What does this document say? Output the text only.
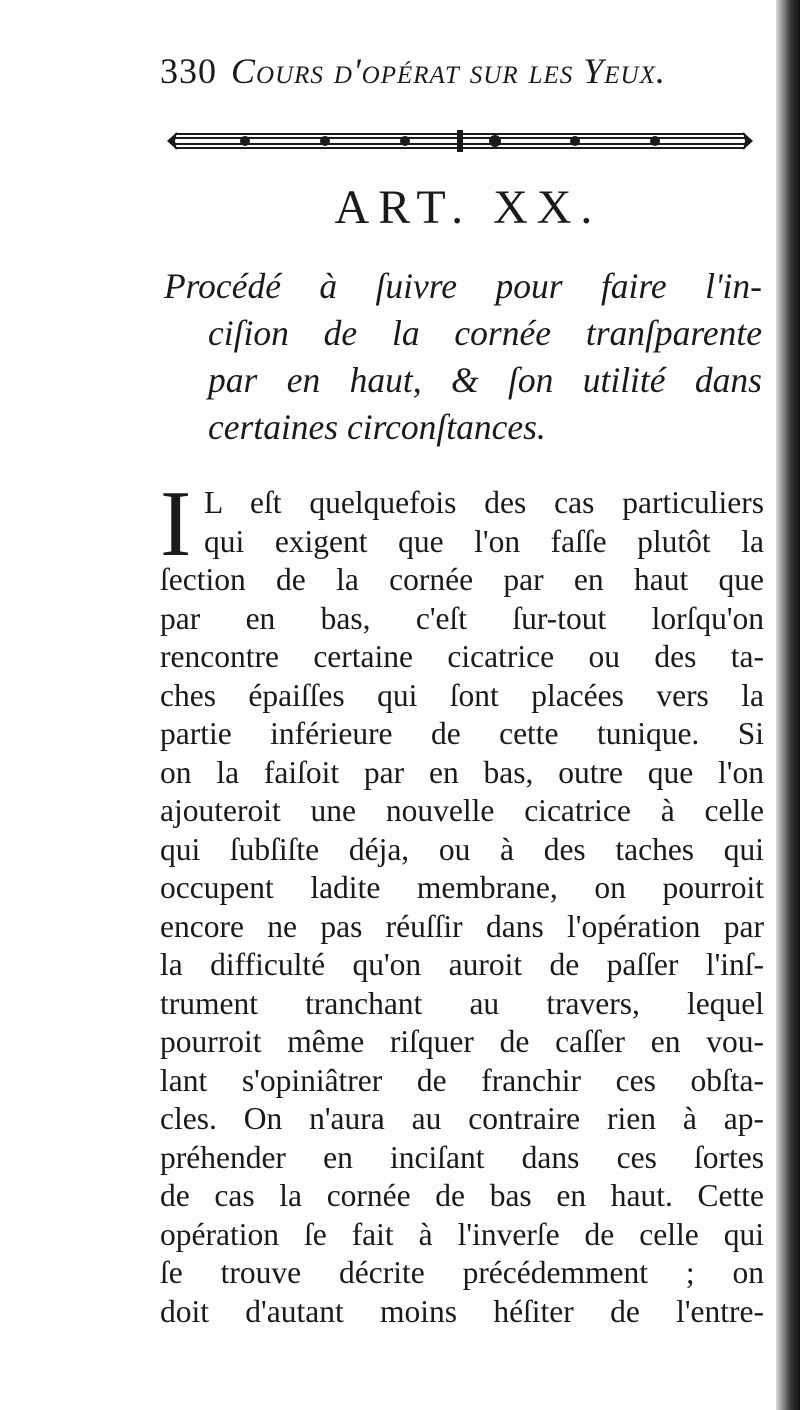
330 Cours d'opérat sur les Yeux.
ART. XX.
Procédé à ſuivre pour faire l'in-
ciſion de la cornée tranſparente
par en haut, & ſon utilité dans
certaines circonſtances.
I L eſt quelquefois des cas particuliers
qui exigent que l'on faſſe plutôt la
ſection de la cornée par en haut que
par en bas, c'eſt ſur-tout lorſqu'on
rencontre certaine cicatrice ou des ta-
ches épaiſſes qui ſont placées vers la
partie inférieure de cette tunique. Si
on la faiſoit par en bas, outre que l'on
ajouteroit une nouvelle cicatrice à celle
qui ſubſiſte déja, ou à des taches qui
occupent ladite membrane, on pourroit
encore ne pas réuſſir dans l'opération par
la difficulté qu'on auroit de paſſer l'inſ-
trument tranchant au travers, lequel
pourroit même riſquer de caſſer en vou-
lant s'opiniâtrer de franchir ces obſta-
cles. On n'aura au contraire rien à ap-
préhender en inciſant dans ces ſortes
de cas la cornée de bas en haut. Cette
opération ſe fait à l'inverſe de celle qui
ſe trouve décrite précédemment ; on
doit d'autant moins héſiter de l'entre-
